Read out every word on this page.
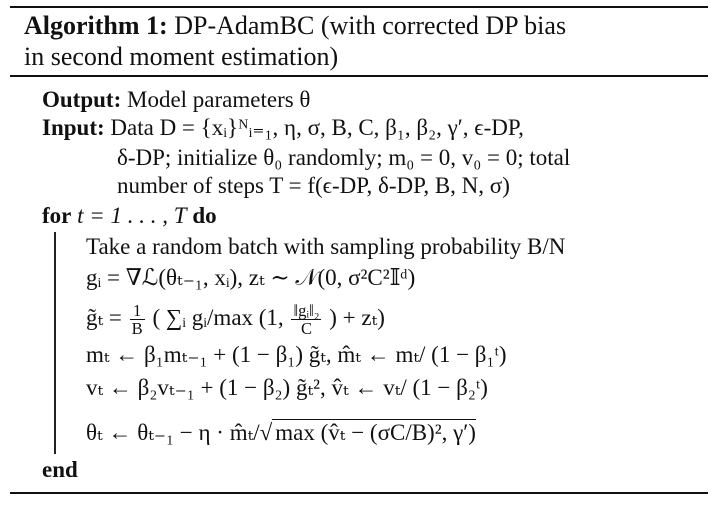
Algorithm 1: DP-AdamBC (with corrected DP bias
in second moment estimation)
Output: Model parameters θ
Input: Data D = {xᵢ}ᴺᵢ₌₁, η, σ, B, C, β₁, β₂, γ′, ϵ-DP,
δ-DP; initialize θ₀ randomly; m₀ = 0, v₀ = 0; total
number of steps T = f(ϵ-DP, δ-DP, B, N, σ)
for t = 1 . . . , T do
Take a random batch with sampling probability B/N
gᵢ = ∇ℒ(θₜ₋₁, xᵢ), zₜ ∼ 𝒩(0, σ²C²𝕀ᵈ)
g̃ₜ = $\frac{1}{B}$ ( ∑ᵢ gᵢ/max (1, $\frac{\text{‖gᵢ‖₂}}{C}$ ) + zₜ)
mₜ ← β₁mₜ₋₁ + (1 − β₁) g̃ₜ, m̂ₜ ← mₜ/ (1 − β₁ᵗ)
vₜ ← β₂vₜ₋₁ + (1 − β₂) g̃ₜ², v̂ₜ ← vₜ/ (1 − β₂ᵗ)
θₜ ← θₜ₋₁ − η · m̂ₜ/√ max (v̂ₜ − (σC/B)², γ′)
end
